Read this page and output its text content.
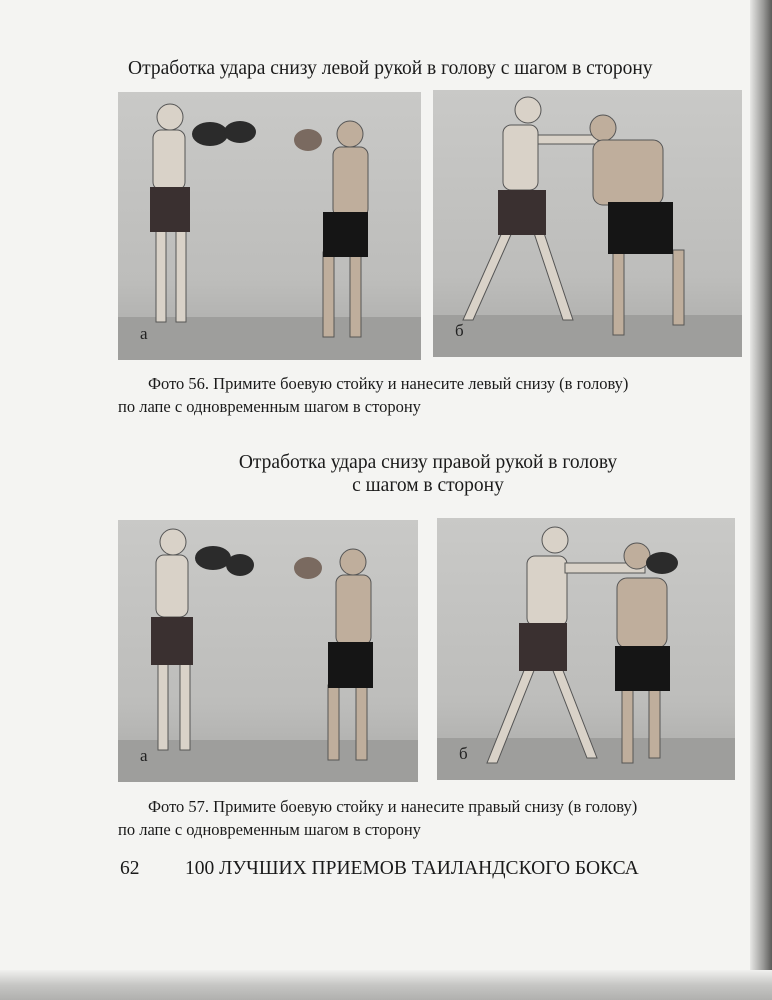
Отработка удара снизу левой рукой в голову с шагом в сторону
а	б
Фото 56. Примите боевую стойку и нанесите левый снизу (в голову)
по лапе с одновременным шагом в сторону
Отработка удара снизу правой рукой в голову
с шагом в сторону
а	б
Фото 57. Примите боевую стойку и нанесите правый снизу (в голову)
по лапе с одновременным шагом в сторону
62 100 ЛУЧШИХ ПРИЕМОВ ТАИЛАНДСКОГО БОКСА
